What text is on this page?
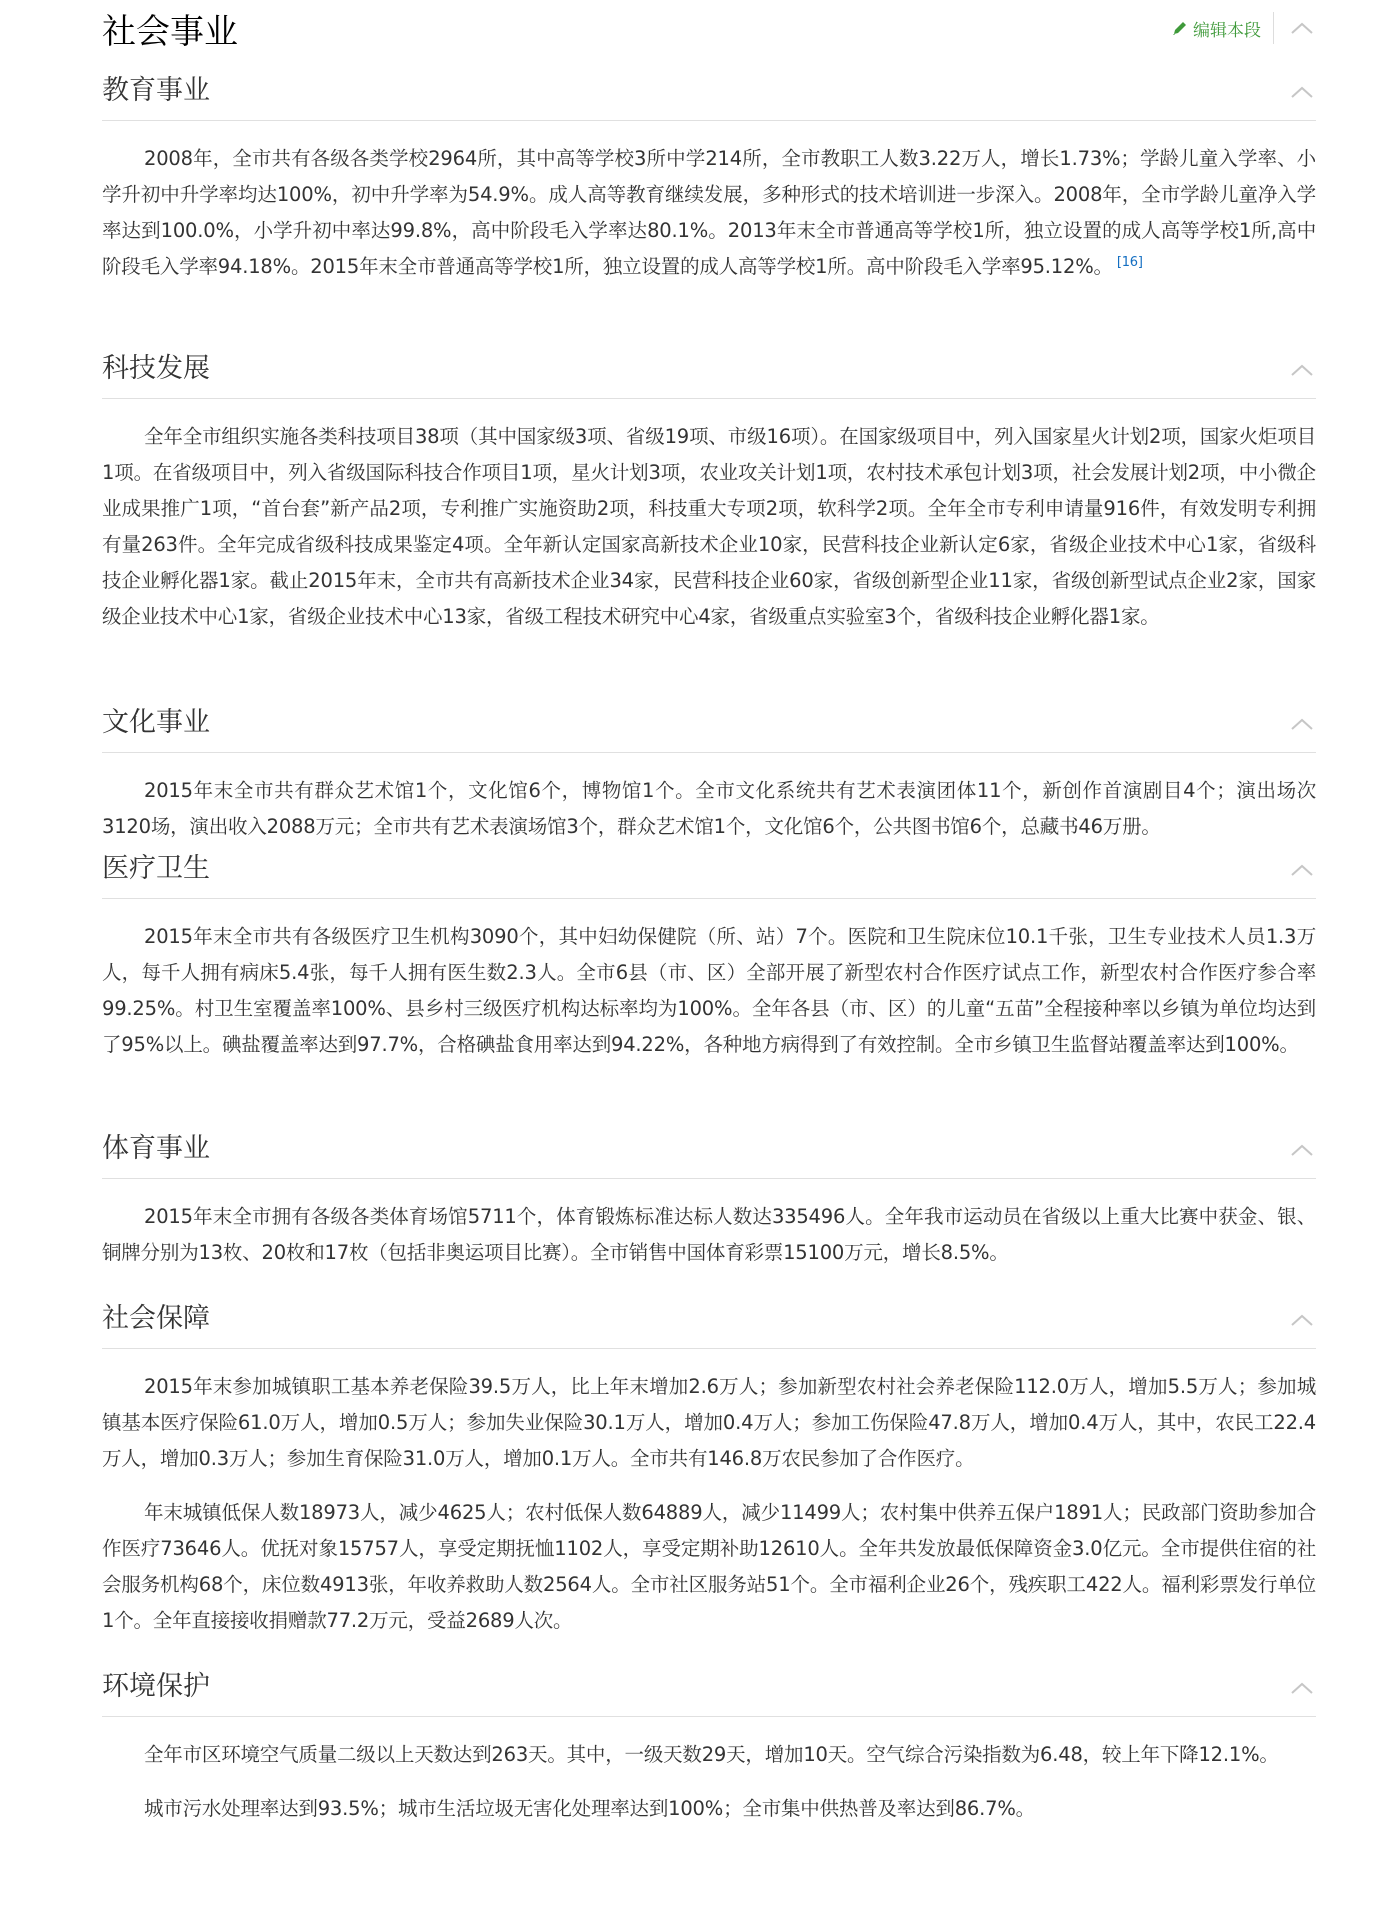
社会事业	编辑本段
教育事业

2008年，全市共有各级各类学校2964所，其中高等学校3所中学214所，全市教职工人数3.22万人，增长1.73%；学龄儿童入学率、小学升初中升学率均达100%，初中升学率为54.9%。成人高等教育继续发展，多种形式的技术培训进一步深入。2008年，全市学龄儿童净入学率达到100.0%，小学升初中率达99.8%，高中阶段毛入学率达80.1%。2013年末全市普通高等学校1所，独立设置的成人高等学校1所,高中阶段毛入学率94.18%。2015年末全市普通高等学校1所，独立设置的成人高等学校1所。高中阶段毛入学率95.12%。 [16]

科技发展

全年全市组织实施各类科技项目38项（其中国家级3项、省级19项、市级16项）。在国家级项目中，列入国家星火计划2项，国家火炬项目1项。在省级项目中，列入省级国际科技合作项目1项，星火计划3项，农业攻关计划1项，农村技术承包计划3项，社会发展计划2项，中小微企业成果推广1项，“首台套”新产品2项，专利推广实施资助2项，科技重大专项2项，软科学2项。全年全市专利申请量916件，有效发明专利拥有量263件。全年完成省级科技成果鉴定4项。全年新认定国家高新技术企业10家，民营科技企业新认定6家，省级企业技术中心1家，省级科技企业孵化器1家。截止2015年末，全市共有高新技术企业34家，民营科技企业60家，省级创新型企业11家，省级创新型试点企业2家，国家级企业技术中心1家，省级企业技术中心13家，省级工程技术研究中心4家，省级重点实验室3个，省级科技企业孵化器1家。

文化事业

2015年末全市共有群众艺术馆1个，文化馆6个，博物馆1个。全市文化系统共有艺术表演团体11个，新创作首演剧目4个；演出场次3120场，演出收入2088万元；全市共有艺术表演场馆3个，群众艺术馆1个，文化馆6个，公共图书馆6个，总藏书46万册。

医疗卫生

2015年末全市共有各级医疗卫生机构3090个，其中妇幼保健院（所、站）7个。医院和卫生院床位10.1千张，卫生专业技术人员1.3万人，每千人拥有病床5.4张，每千人拥有医生数2.3人。全市6县（市、区）全部开展了新型农村合作医疗试点工作，新型农村合作医疗参合率99.25%。村卫生室覆盖率100%、县乡村三级医疗机构达标率均为100%。全年各县（市、区）的儿童“五苗”全程接种率以乡镇为单位均达到了95%以上。碘盐覆盖率达到97.7%，合格碘盐食用率达到94.22%，各种地方病得到了有效控制。全市乡镇卫生监督站覆盖率达到100%。

体育事业

2015年末全市拥有各级各类体育场馆5711个，体育锻炼标准达标人数达335496人。全年我市运动员在省级以上重大比赛中获金、银、铜牌分别为13枚、20枚和17枚（包括非奥运项目比赛）。全市销售中国体育彩票15100万元，增长8.5%。

社会保障

2015年末参加城镇职工基本养老保险39.5万人，比上年末增加2.6万人；参加新型农村社会养老保险112.0万人，增加5.5万人；参加城镇基本医疗保险61.0万人，增加0.5万人；参加失业保险30.1万人，增加0.4万人；参加工伤保险47.8万人，增加0.4万人，其中，农民工22.4万人，增加0.3万人；参加生育保险31.0万人，增加0.1万人。全市共有146.8万农民参加了合作医疗。

年末城镇低保人数18973人，减少4625人；农村低保人数64889人，减少11499人；农村集中供养五保户1891人；民政部门资助参加合作医疗73646人。优抚对象15757人，享受定期抚恤1102人，享受定期补助12610人。全年共发放最低保障资金3.0亿元。全市提供住宿的社会服务机构68个，床位数4913张，年收养救助人数2564人。全市社区服务站51个。全市福利企业26个，残疾职工422人。福利彩票发行单位1个。全年直接接收捐赠款77.2万元，受益2689人次。

环境保护

全年市区环境空气质量二级以上天数达到263天。其中，一级天数29天，增加10天。空气综合污染指数为6.48，较上年下降12.1%。

城市污水处理率达到93.5%；城市生活垃圾无害化处理率达到100%；全市集中供热普及率达到86.7%。
